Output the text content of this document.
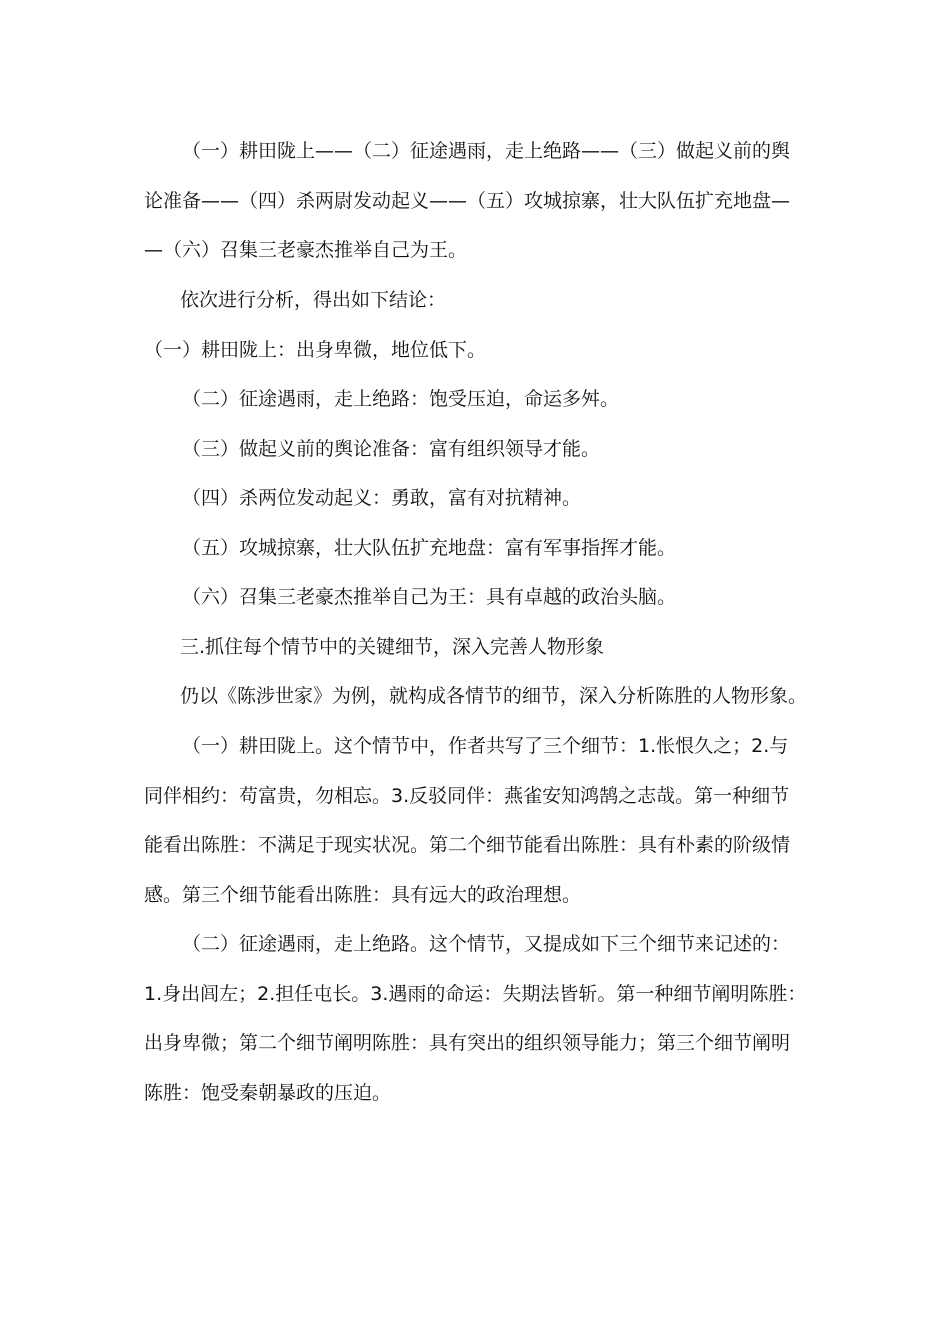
（一）耕田陇上——（二）征途遇雨，走上绝路——（三）做起义前的舆
论准备——（四）杀两尉发动起义——（五）攻城掠寨，壮大队伍扩充地盘—
—（六）召集三老豪杰推举自己为王。
依次进行分析，得出如下结论：
（一）耕田陇上：出身卑微，地位低下。
（二）征途遇雨，走上绝路：饱受压迫，命运多舛。
（三）做起义前的舆论准备：富有组织领导才能。
（四）杀两位发动起义：勇敢，富有对抗精神。
（五）攻城掠寨，壮大队伍扩充地盘：富有军事指挥才能。
（六）召集三老豪杰推举自己为王：具有卓越的政治头脑。
三.抓住每个情节中的关键细节，深入完善人物形象
仍以《陈涉世家》为例，就构成各情节的细节，深入分析陈胜的人物形象。
（一）耕田陇上。这个情节中，作者共写了三个细节：1.怅恨久之；2.与
同伴相约：苟富贵，勿相忘。3.反驳同伴：燕雀安知鸿鹄之志哉。第一种细节
能看出陈胜：不满足于现实状况。第二个细节能看出陈胜：具有朴素的阶级情
感。第三个细节能看出陈胜：具有远大的政治理想。
（二）征途遇雨，走上绝路。这个情节，又提成如下三个细节来记述的：
1.身出闾左；2.担任屯长。3.遇雨的命运：失期法皆斩。第一种细节阐明陈胜：
出身卑微；第二个细节阐明陈胜：具有突出的组织领导能力；第三个细节阐明
陈胜：饱受秦朝暴政的压迫。
